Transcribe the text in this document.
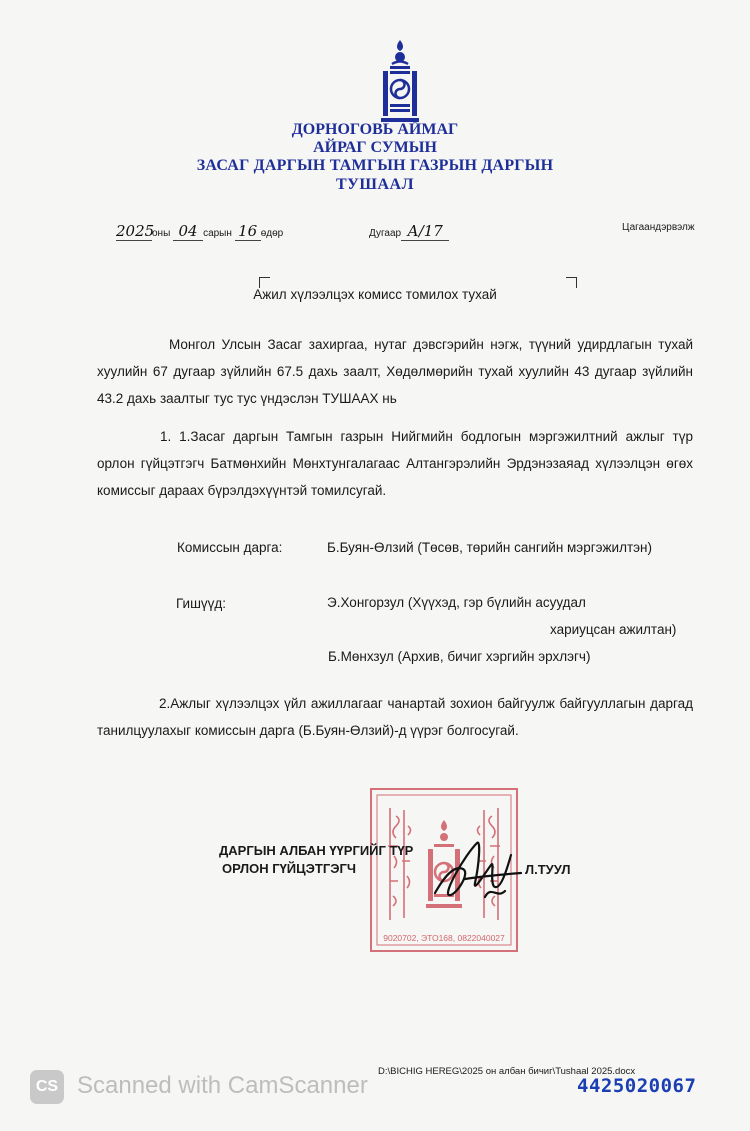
ДОРНОГОВЬ АЙМАГ
АЙРАГ СУМЫН
ЗАСАГ ДАРГЫН ТАМГЫН ГАЗРЫН ДАРГЫН
ТУШААЛ
2025оны 04 сарын 16 өдөр	Дугаар А/17	Цагаандэрвэлж
Ажил хүлээлцэх комисс томилох тухай

Монгол Улсын Засаг захиргаа, нутаг дэвсгэрийн нэгж, түүний удирдлагын тухай хуулийн 67 дугаар зүйлийн 67.5 дахь заалт, Хөдөлмөрийн тухай хуулийн 43 дугаар зүйлийн 43.2 дахь заалтыг тус тус үндэслэн ТУШААХ нь

1. 1.Засаг даргын Тамгын газрын Нийгмийн бодлогын мэргэжилтний ажлыг түр орлон гүйцэтгэгч Батмөнхийн Мөнхтунгалагаас Алтангэрэлийн Эрдэнэзаяад хүлээлцэн өгөх комиссыг дараах бүрэлдэхүүнтэй томилсугай.

Комиссын дарга:	Б.Буян-Өлзий (Төсөв, төрийн сангийн мэргэжилтэн)
Гишүүд:	Э.Хонгорзул (Хүүхэд, гэр бүлийн асуудал
хариуцсан ажилтан)
Б.Мөнхзул (Архив, бичиг хэргийн эрхлэгч)

2.Ажлыг хүлээлцэх үйл ажиллагааг чанартай зохион байгуулж байгууллагын даргад танилцуулахыг комиссын дарга (Б.Буян-Өлзий)-д үүрэг болгосугай.

9020702, ЭТО168, 0822040027
ДАРГЫН АЛБАН ҮҮРГИЙГ ТҮР
ОРЛОН ГҮЙЦЭТГЭГЧ	Л.ТУУЛ
D:\BICHIG HEREG\2025 он албан бичиг\Tushaal 2025.docx
4425020067
CS Scanned with CamScanner
